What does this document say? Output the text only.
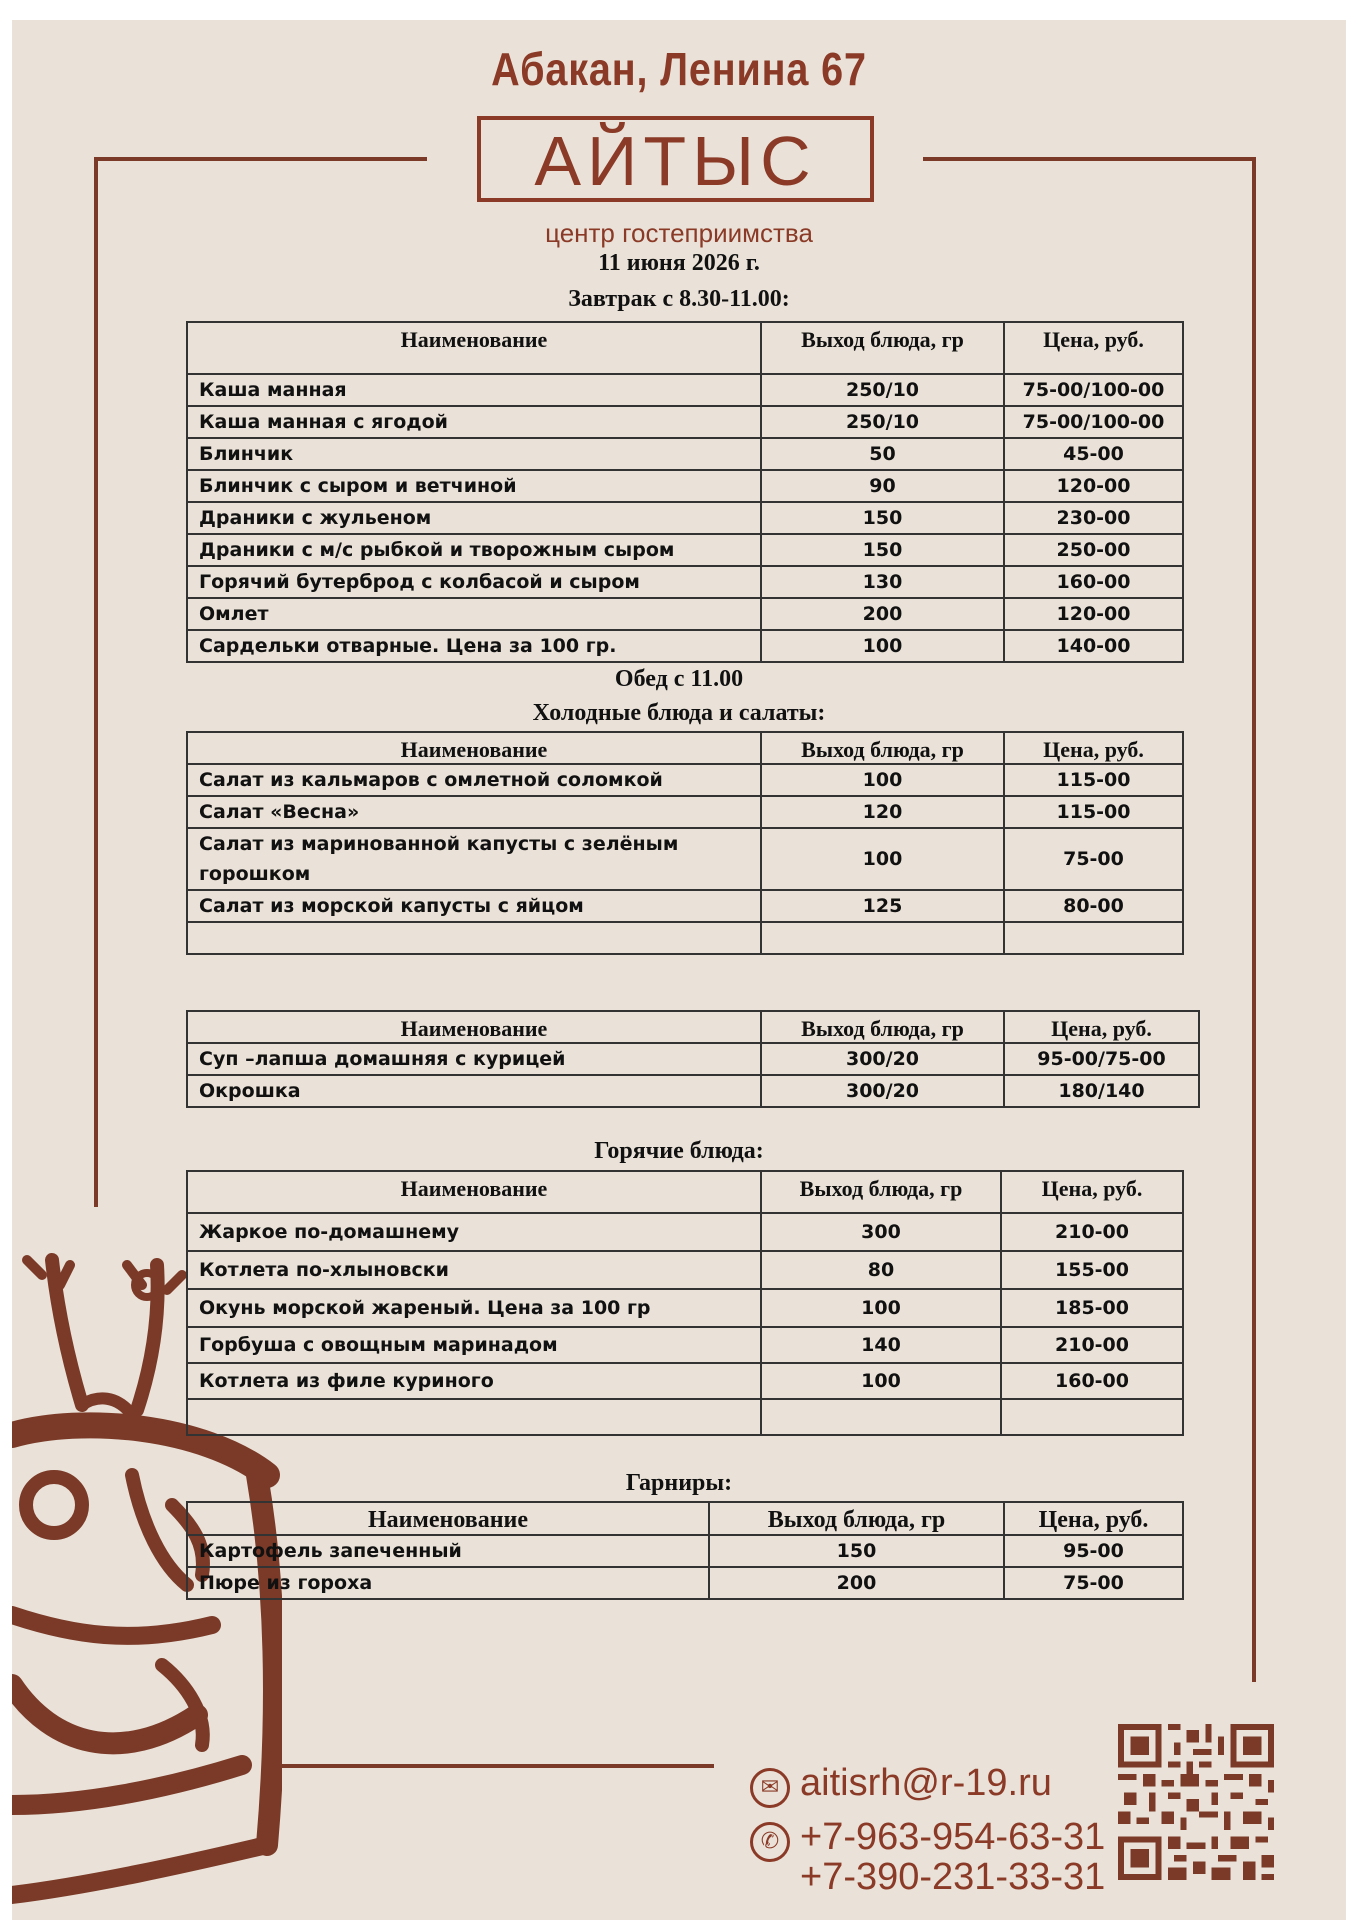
Абакан, Ленина 67
АЙТЫС
центр гостеприимства
11 июня 2026 г.
Завтрак с 8.30-11.00:
Наименование	Выход блюда, гр	Цена, руб.
Каша манная	250/10	75-00/100-00
Каша манная с ягодой	250/10	75-00/100-00
Блинчик	50	45-00
Блинчик с сыром и ветчиной	90	120-00
Драники с жульеном	150	230-00
Драники с м/с рыбкой и творожным сыром	150	250-00
Горячий бутерброд с колбасой и сыром	130	160-00
Омлет	200	120-00
Сардельки отварные. Цена за 100 гр.	100	140-00
Обед с 11.00
Холодные блюда и салаты:
Наименование	Выход блюда, гр	Цена, руб.
Салат из кальмаров с омлетной соломкой	100	115-00
Салат «Весна»	120	115-00
Салат из маринованной капусты с зелёным горошком	100	75-00
Салат из морской капусты с яйцом	125	80-00

Наименование	Выход блюда, гр	Цена, руб.
Суп –лапша домашняя с курицей	300/20	95-00/75-00
Окрошка	300/20	180/140
Горячие блюда:
Наименование	Выход блюда, гр	Цена, руб.
Жаркое по-домашнему	300	210-00
Котлета по-хлыновски	80	155-00
Окунь морской жареный. Цена за 100 гр	100	185-00
Горбуша с овощным маринадом	140	210-00
Котлета из филе куриного	100	160-00

Гарниры:
Наименование	Выход блюда, гр	Цена, руб.
Картофель запеченный	150	95-00
Пюре из гороха	200	75-00
✉ aitisrh@r-19.ru
✆ +7-963-954-63-31
+7-390-231-33-31
